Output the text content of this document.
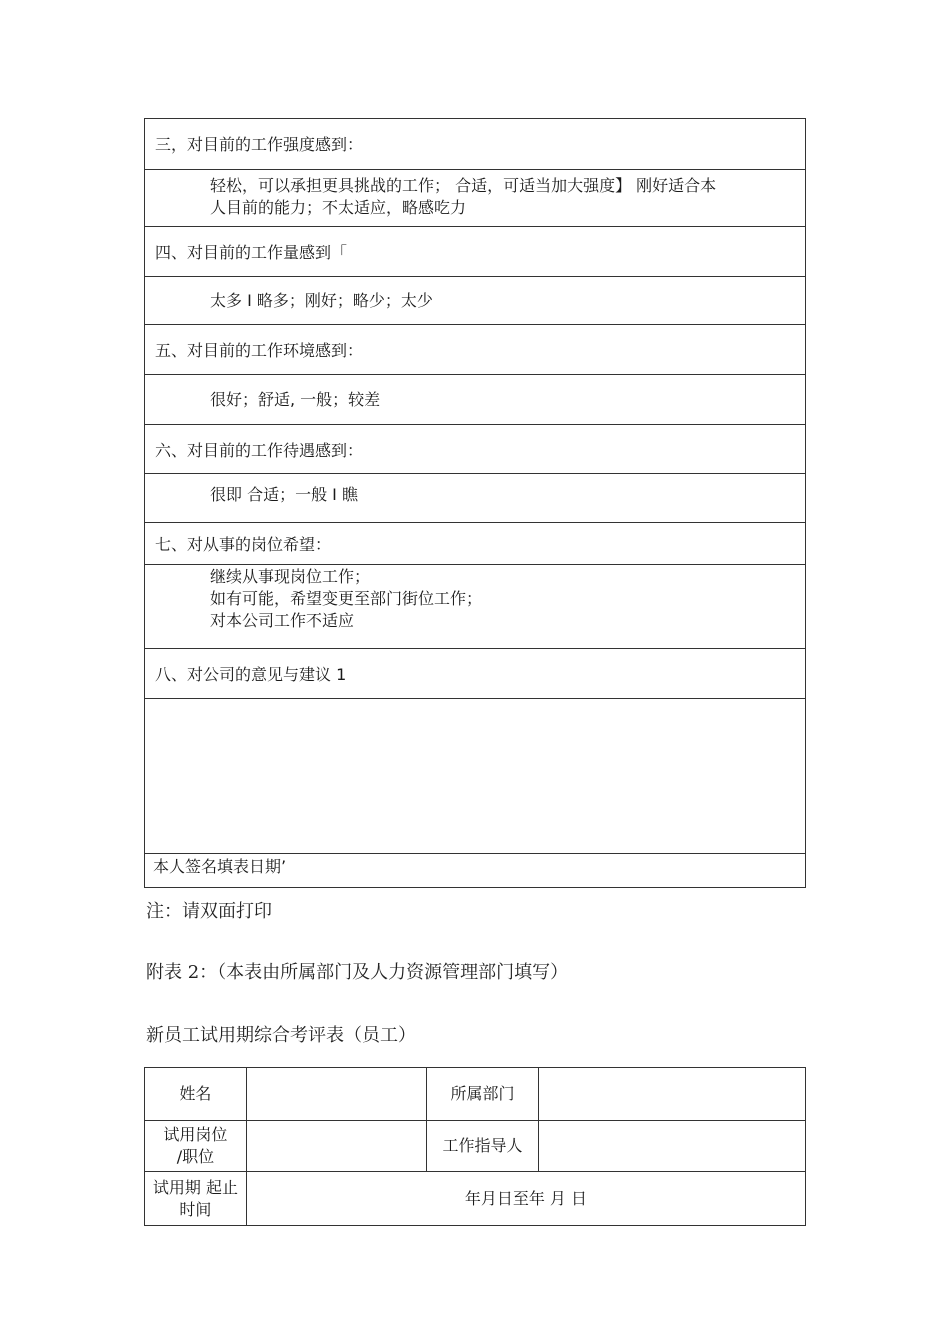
三，对目前的工作强度感到：
轻松，可以承担更具挑战的工作； 合适，可适当加大强度】 刚好适合本
人目前的能力；不太适应，略感吃力
四、对目前的工作量感到「
太多 I 略多；刚好；略少；太少
五、对目前的工作环境感到：
很好；舒适, 一般；较差
六、对目前的工作待遇感到：
很即 合适；一般 I 瞧
七、对从事的岗位希望：
继续从事现岗位工作；
如有可能，希望变更至部门街位工作；
对本公司工作不适应
八、对公司的意见与建议 1
本人签名填表日期’
注：请双面打印
附表 2：（本表由所属部门及人力资源管理部门填写）
新员工试用期综合考评表（员工）
姓名		所属部门	

试用岗位
/职位		工作指导人	

试用期 起止
时间	年月日至年 月 日		
